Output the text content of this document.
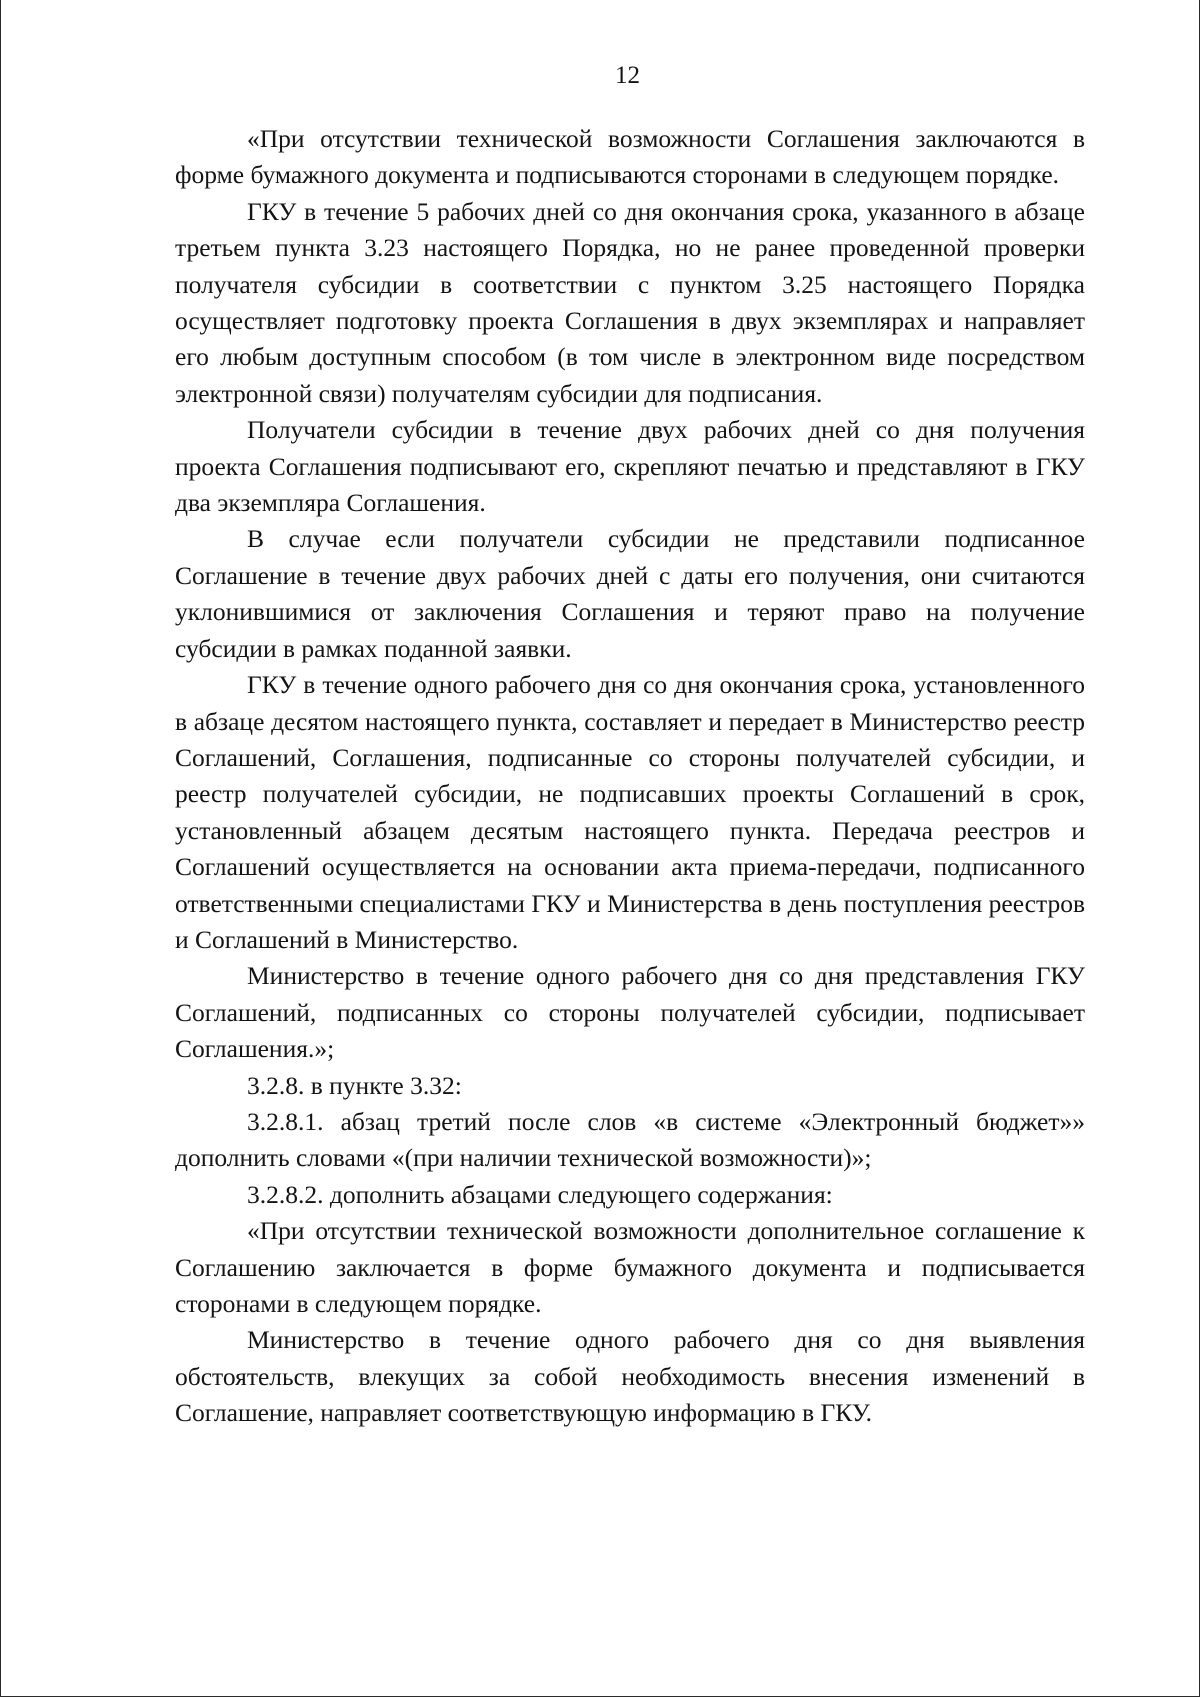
12

«При отсутствии технической возможности Соглашения заключаются в форме бумажного документа и подписываются сторонами в следующем порядке.

ГКУ в течение 5 рабочих дней со дня окончания срока, указанного в абзаце третьем пункта 3.23 настоящего Порядка, но не ранее проведенной проверки получателя субсидии в соответствии с пунктом 3.25 настоящего Порядка осуществляет подготовку проекта Соглашения в двух экземплярах и направляет его любым доступным способом (в том числе в электронном виде посредством электронной связи) получателям субсидии для подписания.

Получатели субсидии в течение двух рабочих дней со дня получения проекта Соглашения подписывают его, скрепляют печатью и представляют в ГКУ два экземпляра Соглашения.

В случае если получатели субсидии не представили подписанное Соглашение в течение двух рабочих дней с даты его получения, они считаются уклонившимися от заключения Соглашения и теряют право на получение субсидии в рамках поданной заявки.

ГКУ в течение одного рабочего дня со дня окончания срока, установленного в абзаце десятом настоящего пункта, составляет и передает в Министерство реестр Соглашений, Соглашения, подписанные со стороны получателей субсидии, и реестр получателей субсидии, не подписавших проекты Соглашений в срок, установленный абзацем десятым настоящего пункта. Передача реестров и Соглашений осуществляется на основании акта приема-передачи, подписанного ответственными специалистами ГКУ и Министерства в день поступления реестров и Соглашений в Министерство.

Министерство в течение одного рабочего дня со дня представления ГКУ Соглашений, подписанных со стороны получателей субсидии, подписывает Соглашения.»;

3.2.8. в пункте 3.32:

3.2.8.1. абзац третий после слов «в системе «Электронный бюджет»» дополнить словами «(при наличии технической возможности)»;

3.2.8.2. дополнить абзацами следующего содержания:

«При отсутствии технической возможности дополнительное соглашение к Соглашению заключается в форме бумажного документа и подписывается сторонами в следующем порядке.

Министерство в течение одного рабочего дня со дня выявления обстоятельств, влекущих за собой необходимость внесения изменений в Соглашение, направляет соответствующую информацию в ГКУ.
